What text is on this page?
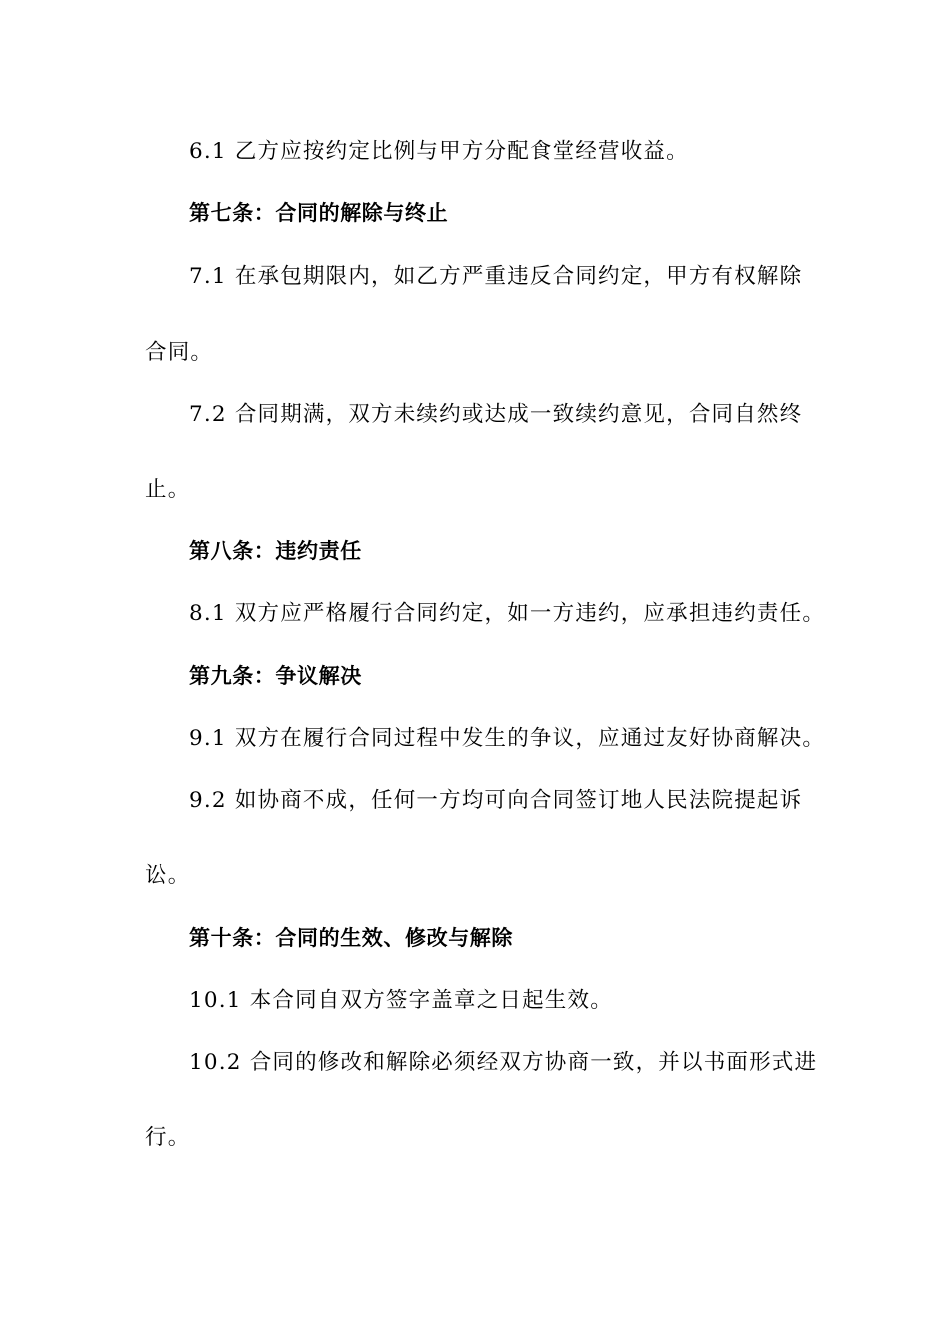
6.1 乙方应按约定比例与甲方分配食堂经营收益。
第七条：合同的解除与终止
7.1 在承包期限内，如乙方严重违反合同约定，甲方有权解除
合同。
7.2 合同期满，双方未续约或达成一致续约意见，合同自然终
止。
第八条：违约责任
8.1 双方应严格履行合同约定，如一方违约，应承担违约责任。
第九条：争议解决
9.1 双方在履行合同过程中发生的争议，应通过友好协商解决。
9.2 如协商不成，任何一方均可向合同签订地人民法院提起诉
讼。
第十条：合同的生效、修改与解除
10.1 本合同自双方签字盖章之日起生效。
10.2 合同的修改和解除必须经双方协商一致，并以书面形式进
行。
